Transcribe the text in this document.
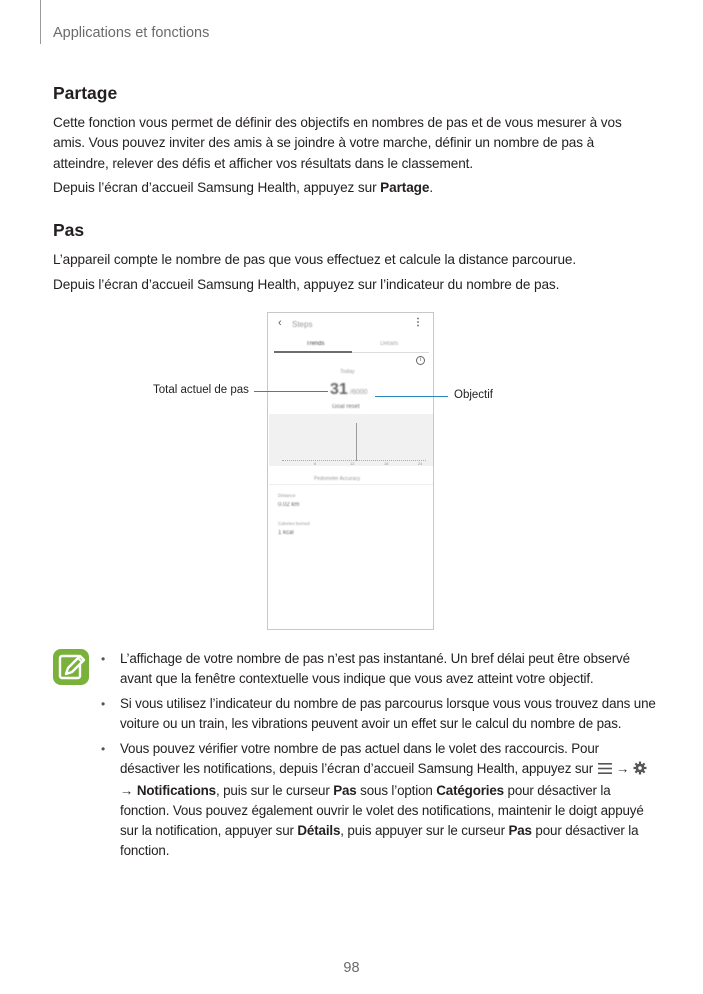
Applications et fonctions
Partage

Cette fonction vous permet de définir des objectifs en nombres de pas et de vous mesurer à vos amis. Vous pouvez inviter des amis à se joindre à votre marche, définir un nombre de pas à atteindre, relever des défis et afficher vos résultats dans le classement.

Depuis l’écran d’accueil Samsung Health, appuyez sur Partage.

Pas

L’appareil compte le nombre de pas que vous effectuez et calcule la distance parcourue.

Depuis l’écran d’accueil Samsung Health, appuyez sur l’indicateur du nombre de pas.

‹ Steps	⋮
Trends	Details
i
Today
31 /6000
Goal reset
6	12	18	24
Pedometer Accuracy
Distance
0.02 km
Calories burned
1 kcal
Total actuel de pas	Objectif
• L’affichage de votre nombre de pas n’est pas instantané. Un bref délai peut être observé avant que la fenêtre contextuelle vous indique que vous avez atteint votre objectif.
• Si vous utilisez l’indicateur du nombre de pas parcourus lorsque vous vous trouvez dans une voiture ou un train, les vibrations peuvent avoir un effet sur le calcul du nombre de pas.
• Vous pouvez vérifier votre nombre de pas actuel dans le volet des raccourcis. Pour désactiver les notifications, depuis l’écran d’accueil Samsung Health, appuyez sur  →  → Notifications, puis sur le curseur Pas sous l’option Catégories pour désactiver la fonction. Vous pouvez également ouvrir le volet des notifications, maintenir le doigt appuyé sur la notification, appuyer sur Détails, puis appuyer sur le curseur Pas pour désactiver la fonction.
98
